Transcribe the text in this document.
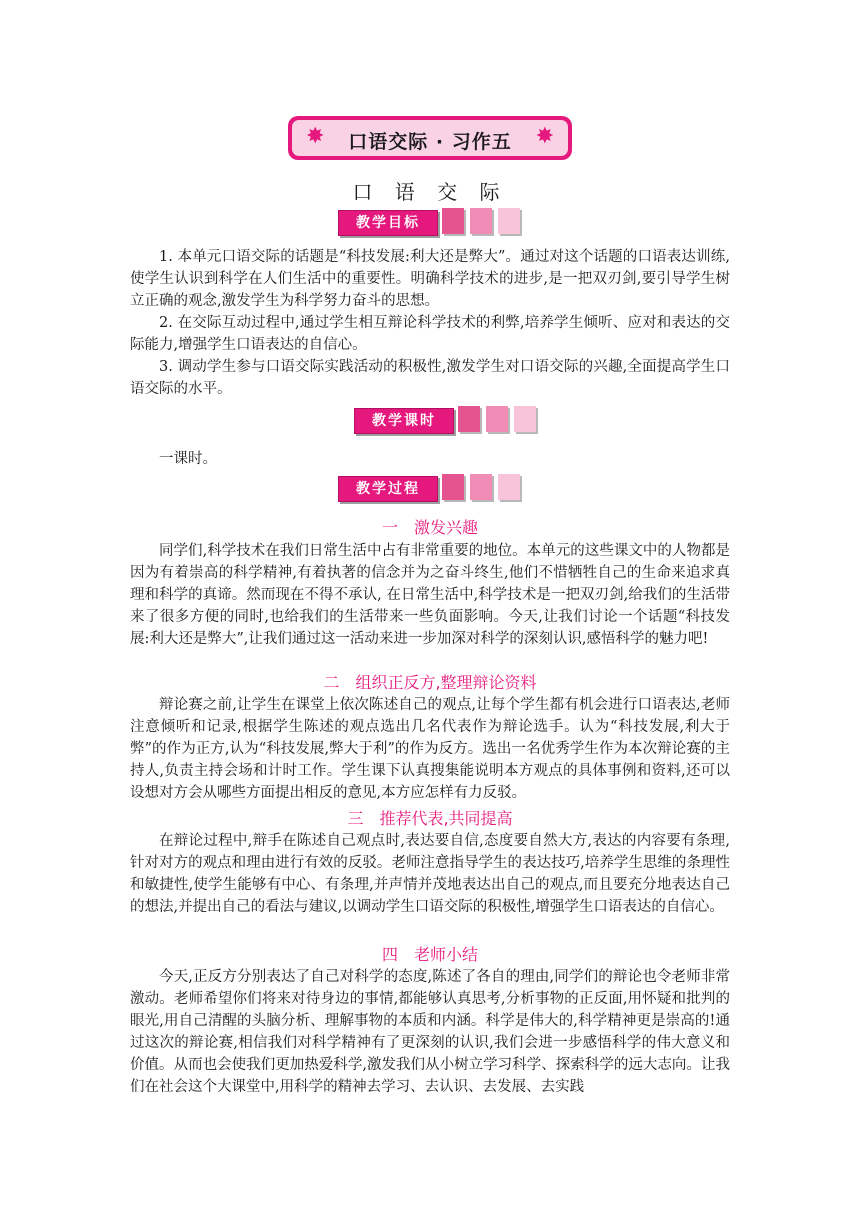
✸	口语交际 · 习作五	✸
口 语 交 际
教学目标

1. 本单元口语交际的话题是“科技发展:利大还是弊大”。通过对这个话题的口语表达训练,使学生认识到科学在人们生活中的重要性。明确科学技术的进步,是一把双刃剑,要引导学生树立正确的观念,激发学生为科学努力奋斗的思想。

2. 在交际互动过程中,通过学生相互辩论科学技术的利弊,培养学生倾听、应对和表达的交际能力,增强学生口语表达的自信心。

3. 调动学生参与口语交际实践活动的积极性,激发学生对口语交际的兴趣,全面提高学生口语交际的水平。

教学课时

一课时。

教学过程
一　激发兴趣

同学们,科学技术在我们日常生活中占有非常重要的地位。本单元的这些课文中的人物都是因为有着崇高的科学精神,有着执著的信念并为之奋斗终生,他们不惜牺牲自己的生命来追求真理和科学的真谛。然而现在不得不承认, 在日常生活中,科学技术是一把双刃剑,给我们的生活带来了很多方便的同时,也给我们的生活带来一些负面影响。今天,让我们讨论一个话题“科技发展:利大还是弊大”,让我们通过这一活动来进一步加深对科学的深刻认识,感悟科学的魅力吧!

二　组织正反方,整理辩论资料

辩论赛之前,让学生在课堂上依次陈述自己的观点,让每个学生都有机会进行口语表达,老师注意倾听和记录,根据学生陈述的观点选出几名代表作为辩论选手。认为“科技发展,利大于弊”的作为正方,认为“科技发展,弊大于利”的作为反方。选出一名优秀学生作为本次辩论赛的主持人,负责主持会场和计时工作。学生课下认真搜集能说明本方观点的具体事例和资料,还可以设想对方会从哪些方面提出相反的意见,本方应怎样有力反驳。

三　推荐代表,共同提高

在辩论过程中,辩手在陈述自己观点时,表达要自信,态度要自然大方,表达的内容要有条理,针对对方的观点和理由进行有效的反驳。老师注意指导学生的表达技巧,培养学生思维的条理性和敏捷性,使学生能够有中心、有条理,并声情并茂地表达出自己的观点,而且要充分地表达自己的想法,并提出自己的看法与建议,以调动学生口语交际的积极性,增强学生口语表达的自信心。

四　老师小结

今天,正反方分别表达了自己对科学的态度,陈述了各自的理由,同学们的辩论也令老师非常激动。老师希望你们将来对待身边的事情,都能够认真思考,分析事物的正反面,用怀疑和批判的眼光,用自己清醒的头脑分析、理解事物的本质和内涵。科学是伟大的,科学精神更是崇高的!通过这次的辩论赛,相信我们对科学精神有了更深刻的认识,我们会进一步感悟科学的伟大意义和价值。从而也会使我们更加热爱科学,激发我们从小树立学习科学、探索科学的远大志向。让我们在社会这个大课堂中,用科学的精神去学习、去认识、去发展、去实践
